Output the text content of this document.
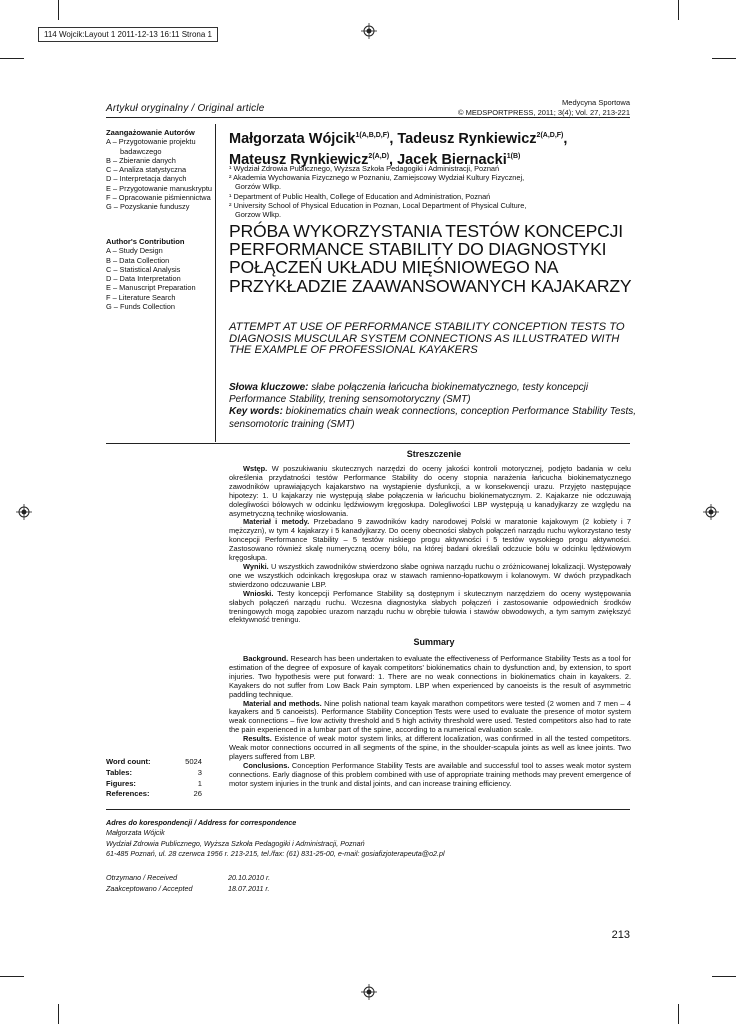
114 Wojcik:Layout 1 2011-12-13 16:11 Strona 1
Artykuł oryginalny / Original article
Medycyna Sportowa
© MEDSPORTPRESS, 2011; 3(4); Vol. 27, 213-221
Zaangażowanie Autorów
A – Przygotowanie projektu
badawczego
B – Zbieranie danych
C – Analiza statystyczna
D – Interpretacja danych
E – Przygotowanie manuskryptu
F – Opracowanie piśmiennictwa
G – Pozyskanie funduszy
Author's Contribution
A – Study Design
B – Data Collection
C – Statistical Analysis
D – Data Interpretation
E – Manuscript Preparation
F – Literature Search
G – Funds Collection
Małgorzata Wójcik$^{1(A,B,D,F)}$, Tadeusz Rynkiewicz$^{2(A,D,F)}$,
Mateusz Rynkiewicz$^{2(A,D)}$, Jacek Biernacki$^{1(B)}$
¹ Wydział Zdrowia Publicznego, Wyższa Szkoła Pedagogiki i Administracji, Poznań
² Akademia Wychowania Fizycznego w Poznaniu, Zamiejscowy Wydział Kultury Fizycznej,
Gorzów Wlkp.
¹ Department of Public Health, College of Education and Administration, Poznań
² University School of Physical Education in Poznan, Local Department of Physical Culture,
Gorzow Wlkp.
PRÓBA WYKORZYSTANIA TESTÓW KONCEPCJI PERFORMANCE STABILITY DO DIAGNOSTYKI POŁĄCZEŃ UKŁADU MIĘŚNIOWEGO NA PRZYKŁADZIE ZAAWANSOWANYCH KAJAKARZY
ATTEMPT AT USE OF PERFORMANCE STABILITY CONCEPTION TESTS TO DIAGNOSIS MUSCULAR SYSTEM CONNECTIONS AS ILLUSTRATED WITH THE EXAMPLE OF PROFESSIONAL KAYAKERS
Słowa kluczowe: słabe połączenia łańcucha biokinematycznego, testy koncepcji Performance Stability, trening sensomotoryczny (SMT)
Key words: biokinematics chain weak connections, conception Performance Stability Tests, sensomotoric training (SMT)
Streszczenie

Wstęp. W poszukiwaniu skutecznych narzędzi do oceny jakości kontroli motorycznej, podjęto badania w celu określenia przydatności testów Performance Stability do oceny stopnia narażenia łańcucha biokinematycznego zawodników uprawiających kajakarstwo na wystąpienie dysfunkcji, a w konsekwencji urazu. Przyjęto następujące hipotezy: 1. U kajakarzy nie występują słabe połączenia w łańcuchu biokinematycznym. 2. Kajakarze nie odczuwają dolegliwości bólowych w odcinku lędźwiowym kręgosłupa. Dolegliwości LBP występują u kanadyjkarzy ze względu na asymetryczną technikę wiosłowania.

Materiał i metody. Przebadano 9 zawodników kadry narodowej Polski w maratonie kajakowym (2 kobiety i 7 mężczyzn), w tym 4 kajakarzy i 5 kanadyjkarzy. Do oceny obecności słabych połączeń narządu ruchu wykorzystano testy koncepcji Performance Stability – 5 testów niskiego progu aktywności i 5 testów wysokiego progu aktywności. Zastosowano również skalę numeryczną oceny bólu, na której badani określali odczucie bólu w odcinku lędźwiowym kręgosłupa.

Wyniki. U wszystkich zawodników stwierdzono słabe ogniwa narządu ruchu o zróżnicowanej lokalizacji. Występowały one we wszystkich odcinkach kręgosłupa oraz w stawach ramienno-łopatkowym i kolanowym. W dwóch przypadkach stwierdzono odczuwanie LBP.

Wnioski. Testy koncepcji Perfomance Stability są dostępnym i skutecznym narzędziem do oceny występowania słabych połączeń narządu ruchu. Wczesna diagnostyka słabych połączeń i zastosowanie odpowiednich środków treningowych mogą zapobiec urazom narządu ruchu w obrębie tułowia i stawów obwodowych, a tym samym zwiększyć efektywność treningu.

Summary

Background. Research has been undertaken to evaluate the effectiveness of Performance Stability Tests as a tool for estimation of the degree of exposure of kayak competitors' biokinematics chain to dysfunction and, by extension, to sport injuries. Two hypothesis were put forward: 1. There are no weak connections in biokinematics chain in kayakers. 2. Kayakers do not suffer from Low Back Pain symptom. LBP when experienced by canoeists is the result of asymmetric paddling technique.

Material and methods. Nine polish national team kayak marathon competitors were tested (2 women and 7 men – 4 kayakers and 5 canoeists). Performance Stability Conception Tests were used to evaluate the presence of motor system weak connections – five low activity threshold and 5 high activity threshold were used. Tested competitors also had to rate the pain experienced in a lumbar part of the spine, according to a numerical evaluation scale.

Results. Existence of weak motor system links, at different localization, was confirmed in all the tested competitors. Weak motor connections occurred in all segments of the spine, in the shoulder-scapula joints as well as knee joints. Two players suffered from LBP.

Conclusions. Conception Performance Stability Tests are available and successful tool to asses weak motor system connections. Early diagnose of this problem combined with use of appropriate training methods may prevent emergence of motor system injuries in the trunk and distal joints, and can increase training efficiency.

Word count:	5024
Tables:	3
Figures:	1
References:	26
Adres do korespondencji / Address for correspondence
Małgorzata Wójcik
Wydział Zdrowia Publicznego, Wyższa Szkoła Pedagogiki i Administracji, Poznań
61-485 Poznań, ul. 28 czerwca 1956 r. 213-215, tel./fax: (61) 831-25-00, e-mail: gosiafizjoterapeuta@o2.pl
Otrzymano / Received	20.10.2010 r.
Zaakceptowano / Accepted	18.07.2011 r.
213
